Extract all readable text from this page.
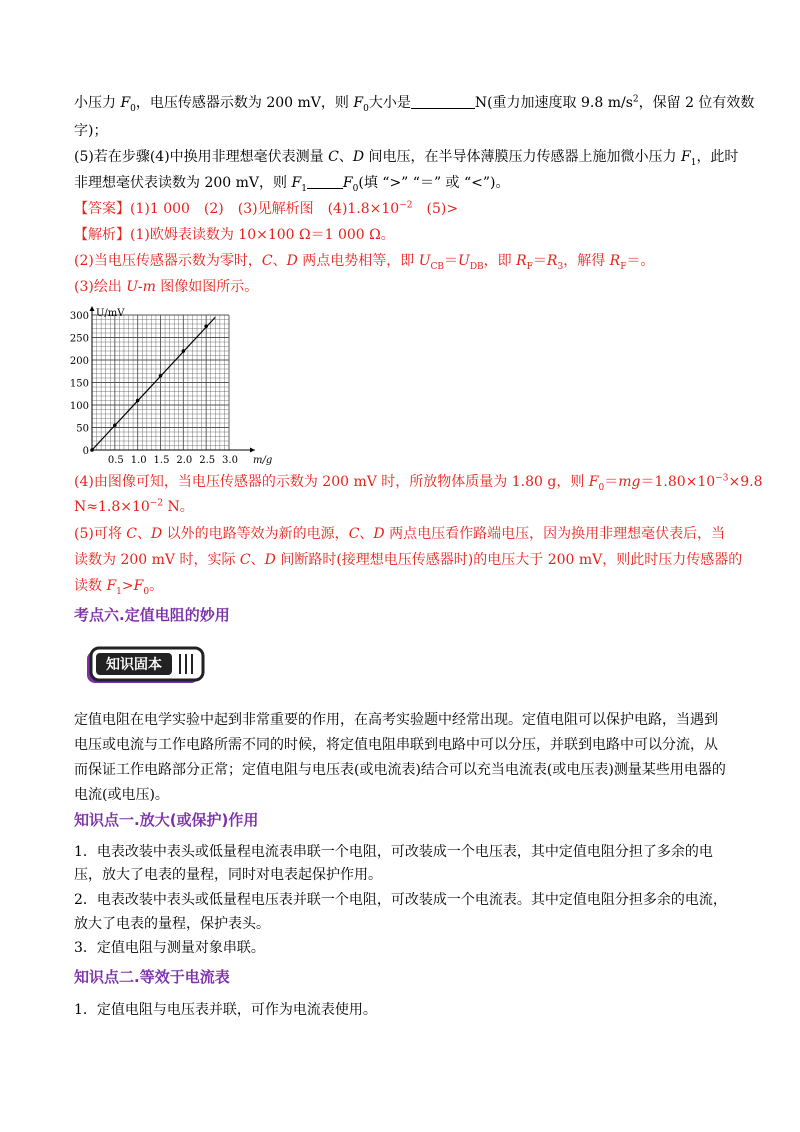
小压力 $F_0$，电压传感器示数为 200 mV，则 $F_0$大小是	N(重力加速度取 9.8 $m/s^2$，保留 2 位有效数
字)；
(5)若在步骤(4)中换用非理想毫伏表测量 C、D 间电压，在半导体薄膜压力传感器上施加微小压力 $F_1$，此时
非理想毫伏表读数为 200 mV，则 $F_1$	$F_0$(填 “>” “＝” 或 “<”)。
【答案】(1)1 000　(2)　(3)见解析图　$(4)1.8\times 10^{-2}$　(5)>
【解析】(1)欧姆表读数为 10×100 Ω＝1 000 Ω。
(2)当电压传感器示数为零时，C、D 两点电势相等，即 $U_{CB}=U_{DB}$，即 $R_F=R_3$，解得 $R_F=$。
(3)绘出 U-m 图像如图所示。
0
50
100
150
200
250
300
0.5 1.0 1.5 2.0 2.5 3.0 m/g
U/mV
(4)由图像可知，当电压传感器的示数为 200 mV 时，所放物体质量为 1.80 g，则 $F_0=mg=1.80\times 10^{-3}\times 9.8$
$N\approx 1.8\times 10^{-2}$ N。
(5)可将 C、D 以外的电路等效为新的电源，C、D 两点电压看作路端电压，因为换用非理想毫伏表后，当
读数为 200 mV 时，实际 C、D 间断路时(接理想电压传感器时)的电压大于 200 mV，则此时压力传感器的
读数 $F_1>F_0$。
考点六.定值电阻的妙用
知识固本
定值电阻在电学实验中起到非常重要的作用，在高考实验题中经常出现。定值电阻可以保护电路，当遇到
电压或电流与工作电路所需不同的时候，将定值电阻串联到电路中可以分压，并联到电路中可以分流，从
而保证工作电路部分正常；定值电阻与电压表(或电流表)结合可以充当电流表(或电压表)测量某些用电器的
电流(或电压)。
知识点一.放大(或保护)作用
1．电表改装中表头或低量程电流表串联一个电阻，可改装成一个电压表，其中定值电阻分担了多余的电
压，放大了电表的量程，同时对电表起保护作用。
2．电表改装中表头或低量程电压表并联一个电阻，可改装成一个电流表。其中定值电阻分担多余的电流，
放大了电表的量程，保护表头。
3．定值电阻与测量对象串联。
知识点二.等效于电流表
1．定值电阻与电压表并联，可作为电流表使用。
